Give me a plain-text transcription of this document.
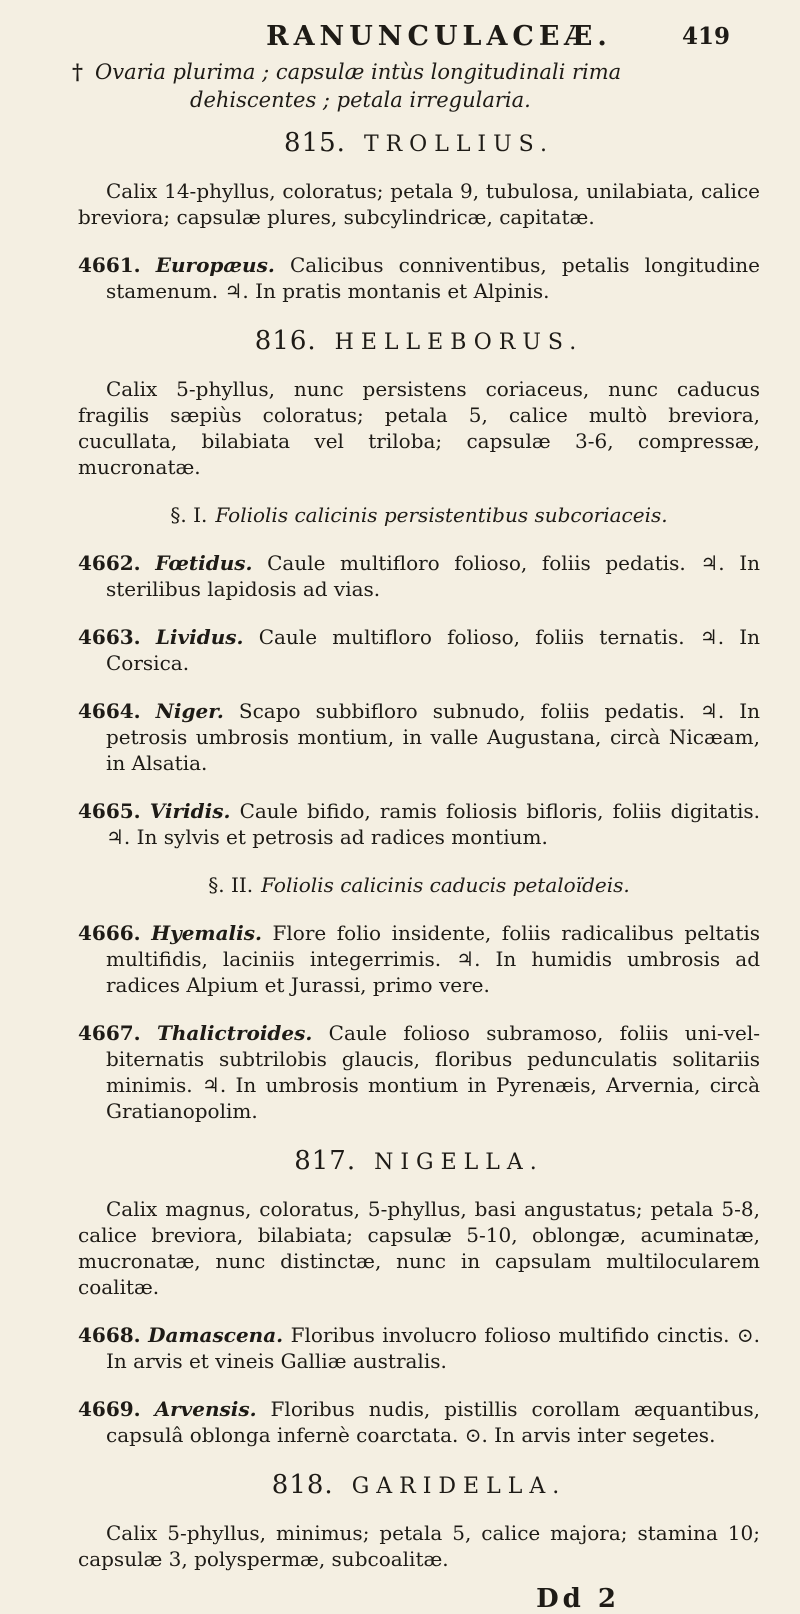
RANUNCULACEÆ.	419
† Ovaria plurima ; capsulæ intùs longitudinali rima
dehiscentes ; petala irregularia.
815. TROLLIUS.

Calix 14-phyllus, coloratus; petala 9, tubulosa, unilabiata, calice breviora; capsulæ plures, subcylindricæ, capitatæ.

4661. Europæus. Calicibus conniventibus, petalis longitudine stamenum. ♃. In pratis montanis et Alpinis.
816. HELLEBORUS.

Calix 5-phyllus, nunc persistens coriaceus, nunc caducus fragilis sæpiùs coloratus; petala 5, calice multò breviora, cucullata, bilabiata vel triloba; capsulæ 3-6, compressæ, mucronatæ.

§. I. Foliolis calicinis persistentibus subcoriaceis.
4662. Fœtidus. Caule multifloro folioso, foliis pedatis. ♃. In sterilibus lapidosis ad vias.
4663. Lividus. Caule multifloro folioso, foliis ternatis. ♃. In Corsica.
4664. Niger. Scapo subbifloro subnudo, foliis pedatis. ♃. In petrosis umbrosis montium, in valle Augustana, circà Nicæam, in Alsatia.
4665. Viridis. Caule bifido, ramis foliosis bifloris, foliis digitatis. ♃. In sylvis et petrosis ad radices montium.
§. II. Foliolis calicinis caducis petaloïdeis.
4666. Hyemalis. Flore folio insidente, foliis radicalibus peltatis multifidis, laciniis integerrimis. ♃. In humidis umbrosis ad radices Alpium et Jurassi, primo vere.
4667. Thalictroides. Caule folioso subramoso, foliis uni-vel-biternatis subtrilobis glaucis, floribus pedunculatis solitariis minimis. ♃. In umbrosis montium in Pyrenæis, Arvernia, circà Gratianopolim.
817. NIGELLA.

Calix magnus, coloratus, 5-phyllus, basi angustatus; petala 5-8, calice breviora, bilabiata; capsulæ 5-10, oblongæ, acuminatæ, mucronatæ, nunc distinctæ, nunc in capsulam multilocularem coalitæ.

4668. Damascena. Floribus involucro folioso multifido cinctis. ⊙. In arvis et vineis Galliæ australis.
4669. Arvensis. Floribus nudis, pistillis corollam æquantibus, capsulâ oblonga infernè coarctata. ⊙. In arvis inter segetes.
818. GARIDELLA.

Calix 5-phyllus, minimus; petala 5, calice majora; stamina 10; capsulæ 3, polyspermæ, subcoalitæ.

Dd 2
